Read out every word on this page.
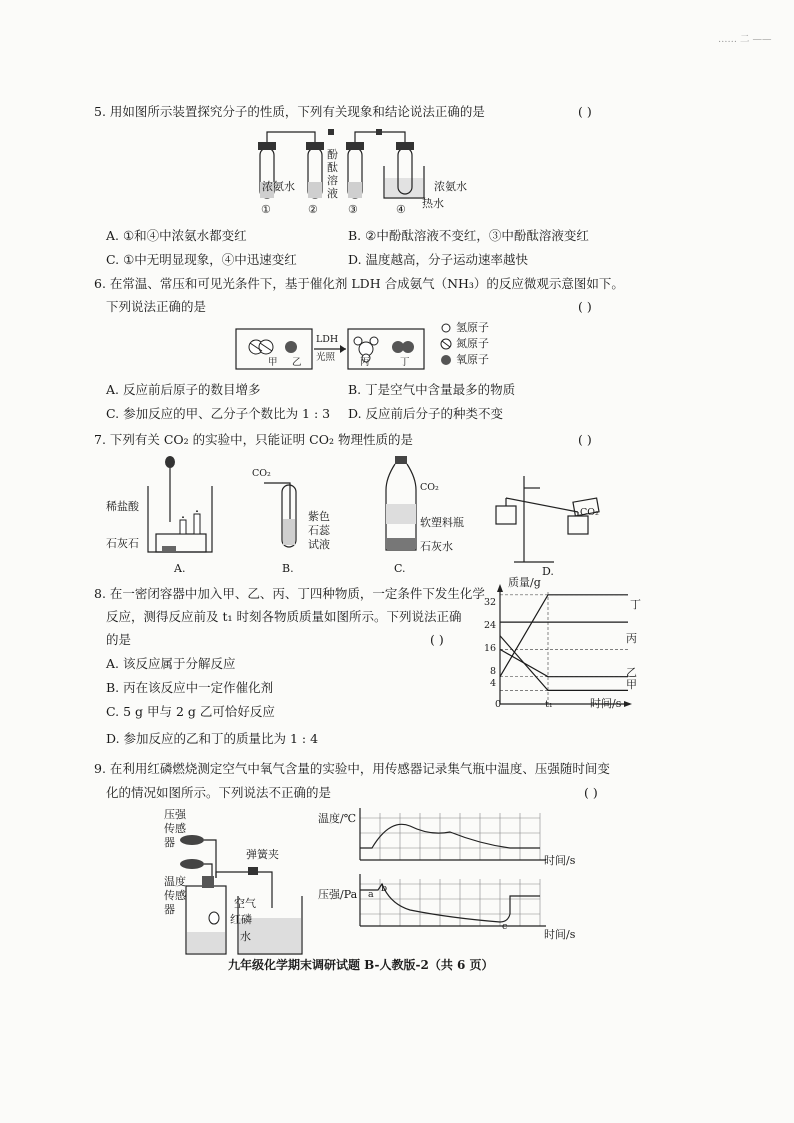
…… 二 ——
5. 用如图所示装置探究分子的性质，下列有关现象和结论说法正确的是	( )
浓氨水
酚酞溶液
浓氨水
热水
①	②	③	④
A. ①和④中浓氨水都变红	B. ②中酚酞溶液不变红，③中酚酞溶液变红
C. ①中无明显现象，④中迅速变红	D. 温度越高，分子运动速率越快
6. 在常温、常压和可见光条件下，基于催化剂 LDH 合成氨气（NH₃）的反应微观示意图如下。
下列说法正确的是	( )
甲 乙
LDH
光照	丙	丁
氢原子
氮原子
氧原子
A. 反应前后原子的数目增多	B. 丁是空气中含量最多的物质
C. 参加反应的甲、乙分子个数比为 1 : 3 D. 反应前后分子的种类不变
7. 下列有关 CO₂ 的实验中，只能证明 CO₂ 物理性质的是	( )
稀盐酸
石灰石
A.
CO₂
紫色石蕊试液
B.
CO₂
软塑料瓶
石灰水
C.
CO₂
D.
8. 在一密闭容器中加入甲、乙、丙、丁四种物质，一定条件下发生化学
反应，测得反应前及 t₁ 时刻各物质质量如图所示。下列说法正确
的是	( )
A. 该反应属于分解反应
B. 丙在该反应中一定作催化剂
C. 5 g 甲与 2 g 乙可恰好反应
D. 参加反应的乙和丁的质量比为 1 : 4
质量/g
时间/s
0	t₁
32
24
16
8
4
丁
丙
乙
甲
9. 在利用红磷燃烧测定空气中氧气含量的实验中，用传感器记录集气瓶中温度、压强随时间变
化的情况如图所示。下列说法不正确的是	( )
压强传感器
温度传感器
弹簧夹
空气
红磷
水
温度/℃
时间/s
压强/Pa a
b
c
时间/s
九年级化学期末调研试题 B-人教版-2（共 6 页）
